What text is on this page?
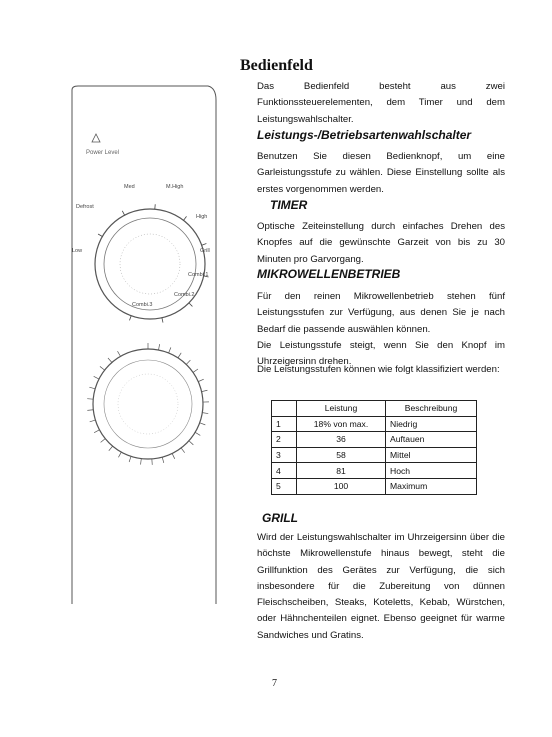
Power Level
Med
Low
Defrost
M.High
High
Grill
Combi.1
Combi.2
Combi.3
Bedienfeld
Das Bedienfeld besteht aus zwei Funktionssteuerelementen, dem Timer und dem Leistungswahlschalter.
Leistungs-/Betriebsartenwahlschalter
Benutzen Sie diesen Bedienknopf, um eine Garleistungsstufe zu wählen. Diese Einstellung sollte als erstes vorgenommen werden.
TIMER
Optische Zeiteinstellung durch einfaches Drehen des Knopfes auf die gewünschte Garzeit von bis zu 30 Minuten pro Garvorgang.
MIKROWELLENBETRIEB
Für den reinen Mikrowellenbetrieb stehen fünf Leistungsstufen zur Verfügung, aus denen Sie je nach Bedarf die passende auswählen können.
Die Leistungsstufe steigt, wenn Sie den Knopf im Uhrzeigersinn drehen.
Die Leistungsstufen können wie folgt klassifiziert werden:
	Leistung	Beschreibung
1	18% von max.	Niedrig
2	36	Auftauen
3	58	Mittel
4	81	Hoch
5	100	Maximum
GRILL
Wird der Leistungswahlschalter im Uhrzeigersinn über die höchste Mikrowellenstufe hinaus bewegt, steht die Grillfunktion des Gerätes zur Verfügung, die sich insbesondere für die Zubereitung von dünnen Fleischscheiben, Steaks, Koteletts, Kebab, Würstchen, oder Hähnchenteilen eignet. Ebenso geeignet für warme Sandwiches und Gratins.
7
